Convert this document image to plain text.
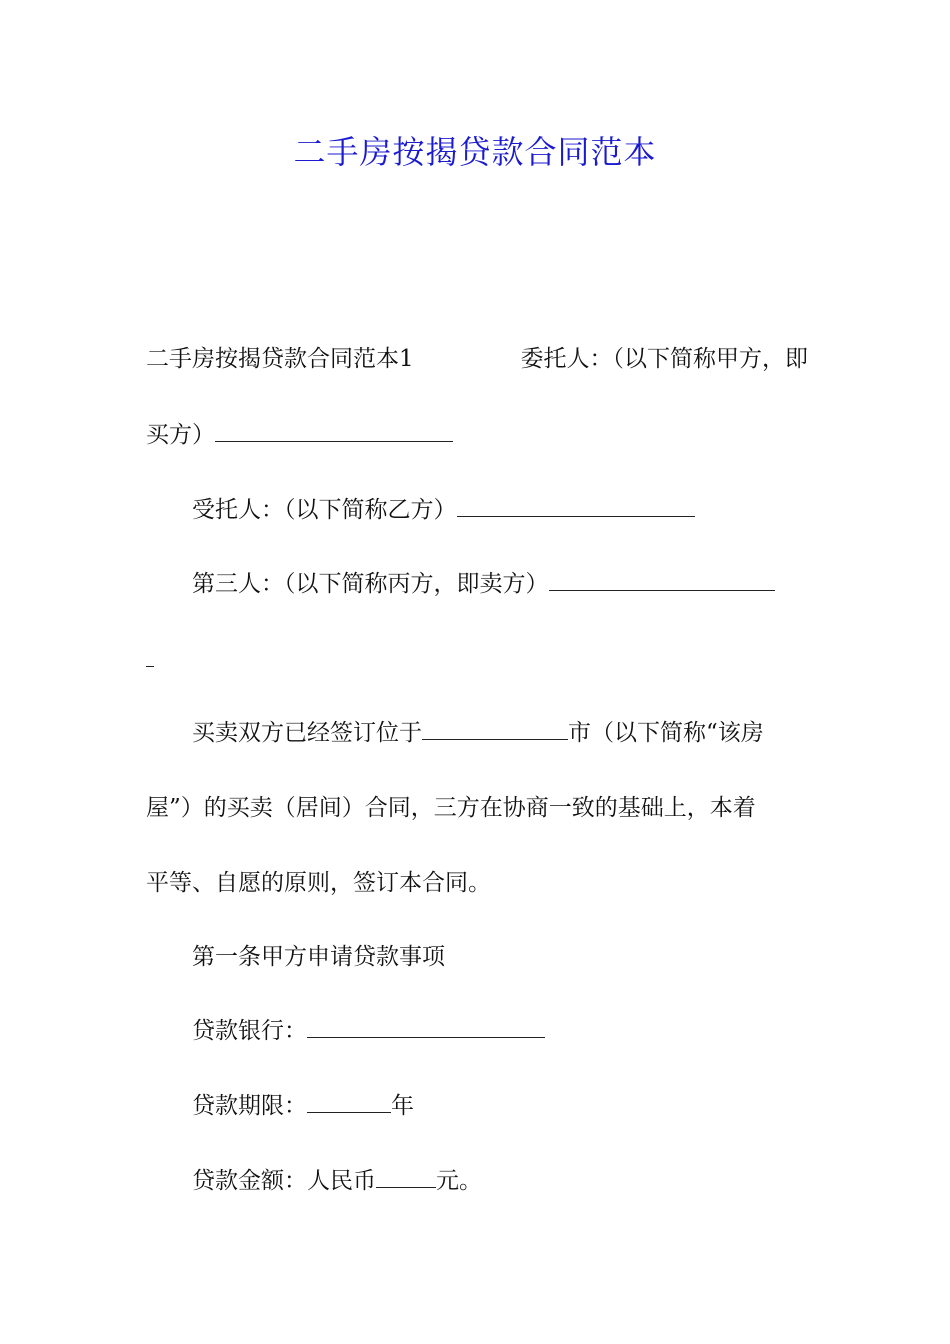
二手房按揭贷款合同范本
二手房按揭贷款合同范本1	委托人：（以下简称甲方，即
买方）
受托人：（以下简称乙方）
第三人：（以下简称丙方，即卖方）
买卖双方已经签订位于	市（以下简称“该房
屋”）的买卖（居间）合同，三方在协商一致的基础上，本着
平等、自愿的原则，签订本合同。
第一条甲方申请贷款事项
贷款银行：
贷款期限：	年
贷款金额：人民币	元。
